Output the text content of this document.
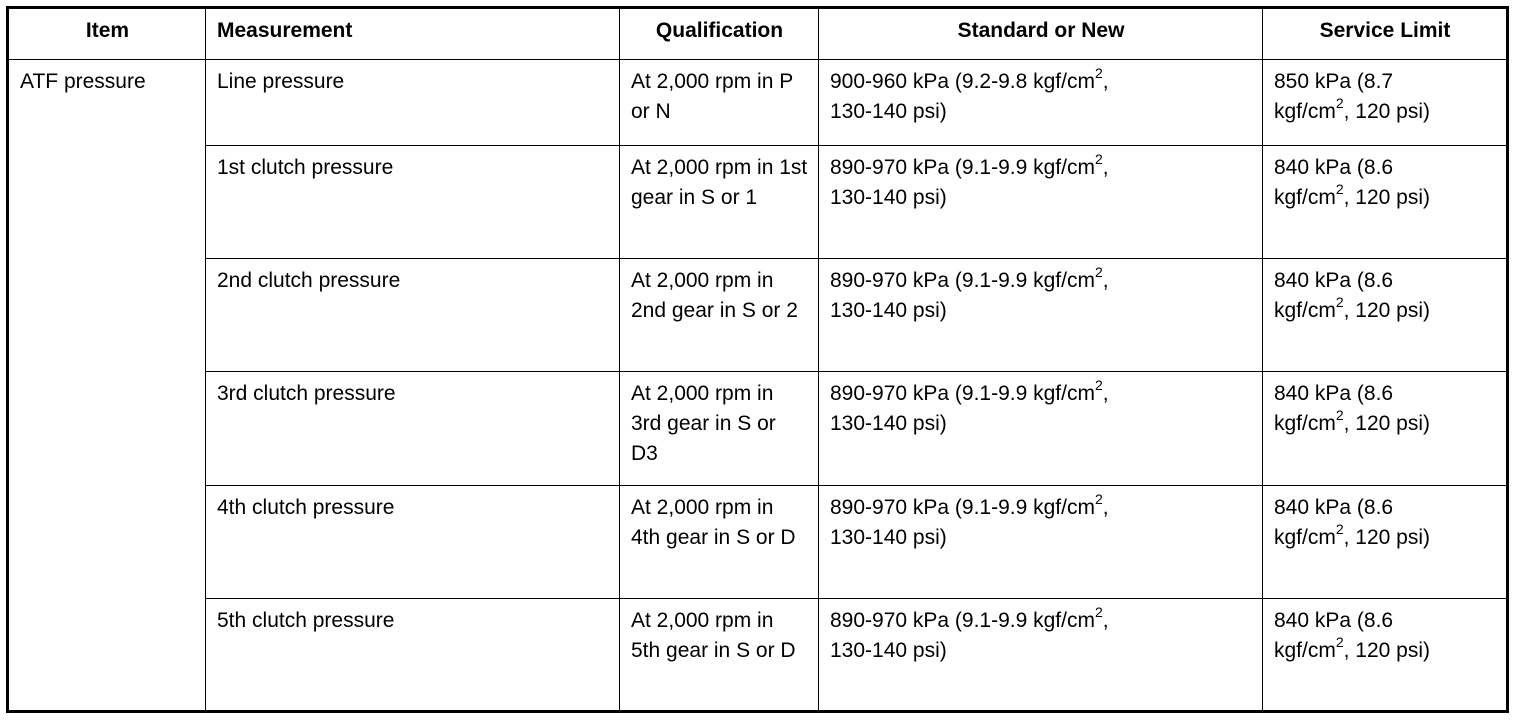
Item	Measurement	Qualification	Standard or New	Service Limit
ATF pressure	Line pressure	At 2,000 rpm in P or N	900-960 kPa (9.2-9.8 kgf/$cm^2$,
130-140 psi)	850 kPa (8.7
kgf/$cm^2$, 120 psi)

	1st clutch pressure	At 2,000 rpm in 1st gear in S or 1	890-970 kPa (9.1-9.9 kgf/$cm^2$,
130-140 psi)	840 kPa (8.6
kgf/$cm^2$, 120 psi)

	2nd clutch pressure	At 2,000 rpm in 2nd gear in S or 2	890-970 kPa (9.1-9.9 kgf/$cm^2$,
130-140 psi)	840 kPa (8.6
kgf/$cm^2$, 120 psi)

	3rd clutch pressure	At 2,000 rpm in 3rd gear in S or D3	890-970 kPa (9.1-9.9 kgf/$cm^2$,
130-140 psi)	840 kPa (8.6
kgf/$cm^2$, 120 psi)

	4th clutch pressure	At 2,000 rpm in 4th gear in S or D	890-970 kPa (9.1-9.9 kgf/$cm^2$,
130-140 psi)	840 kPa (8.6
kgf/$cm^2$, 120 psi)

	5th clutch pressure	At 2,000 rpm in 5th gear in S or D	890-970 kPa (9.1-9.9 kgf/$cm^2$,
130-140 psi)	840 kPa (8.6
kgf/$cm^2$, 120 psi)
